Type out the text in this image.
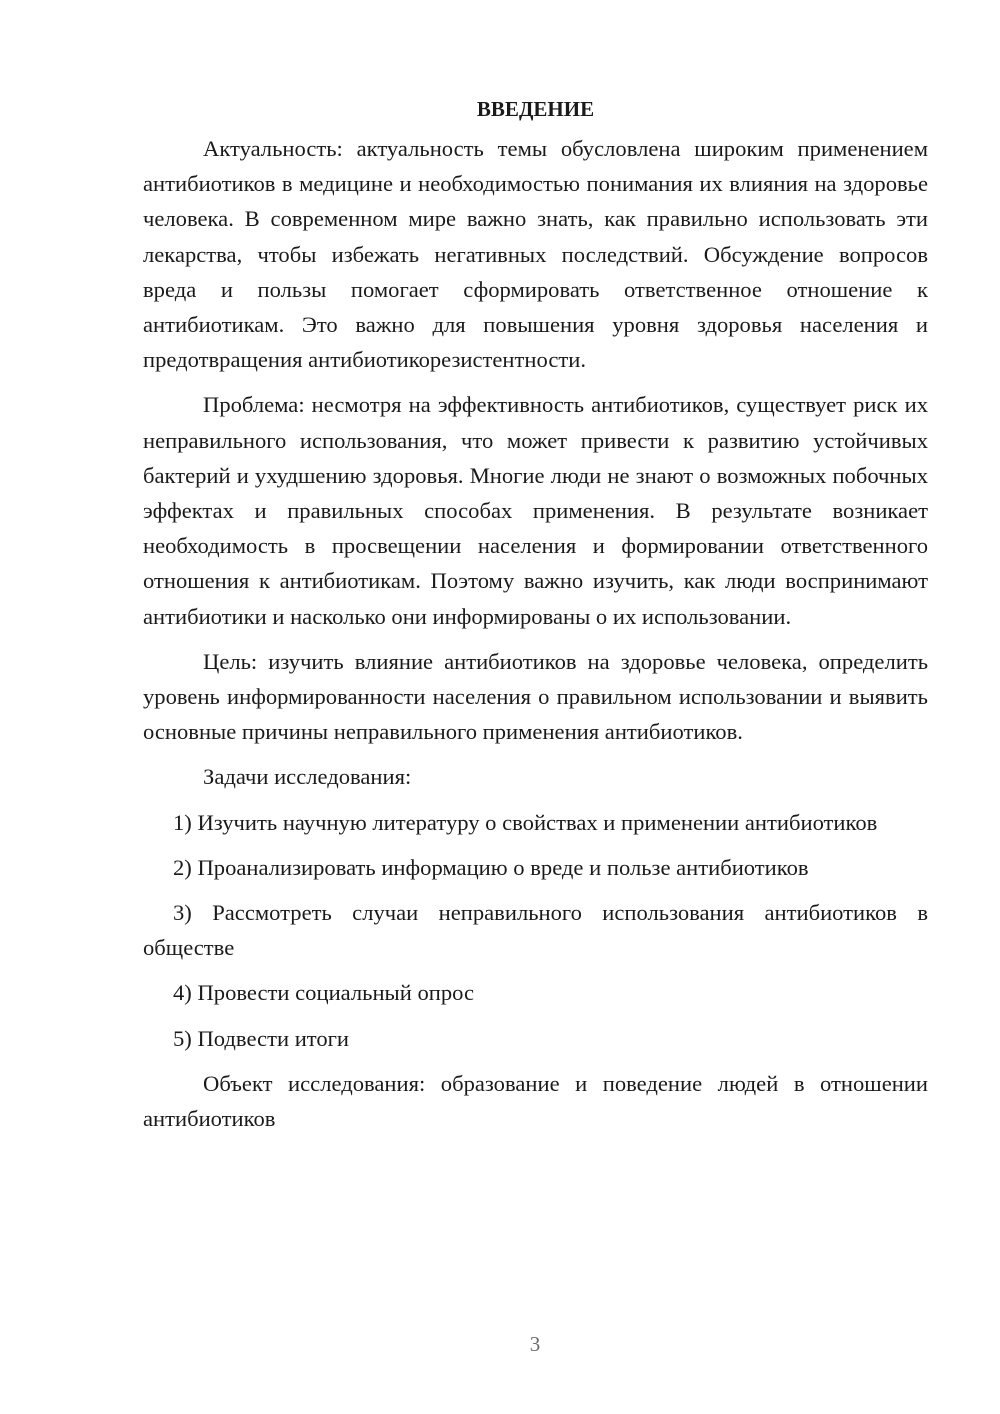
ВВЕДЕНИЕ

Актуальность: актуальность темы обусловлена широким применением антибиотиков в медицине и необходимостью понимания их влияния на здоровье человека. В современном мире важно знать, как правильно использовать эти лекарства, чтобы избежать негативных последствий. Обсуждение вопросов вреда и пользы помогает сформировать ответственное отношение к антибиотикам. Это важно для повышения уровня здоровья населения и предотвращения антибиотикорезистентности.

Проблема: несмотря на эффективность антибиотиков, существует риск их неправильного использования, что может привести к развитию устойчивых бактерий и ухудшению здоровья. Многие люди не знают о возможных побочных эффектах и правильных способах применения. В результате возникает необходимость в просвещении населения и формировании ответственного отношения к антибиотикам. Поэтому важно изучить, как люди воспринимают антибиотики и насколько они информированы о их использовании.

Цель: изучить влияние антибиотиков на здоровье человека, определить уровень информированности населения о правильном использовании и выявить основные причины неправильного применения антибиотиков.

Задачи исследования:

1) Изучить научную литературу о свойствах и применении антибиотиков

2) Проанализировать информацию о вреде и пользе антибиотиков

3) Рассмотреть случаи неправильного использования антибиотиков в обществе

4) Провести социальный опрос

5) Подвести итоги

Объект исследования: образование и поведение людей в отношении антибиотиков

3
